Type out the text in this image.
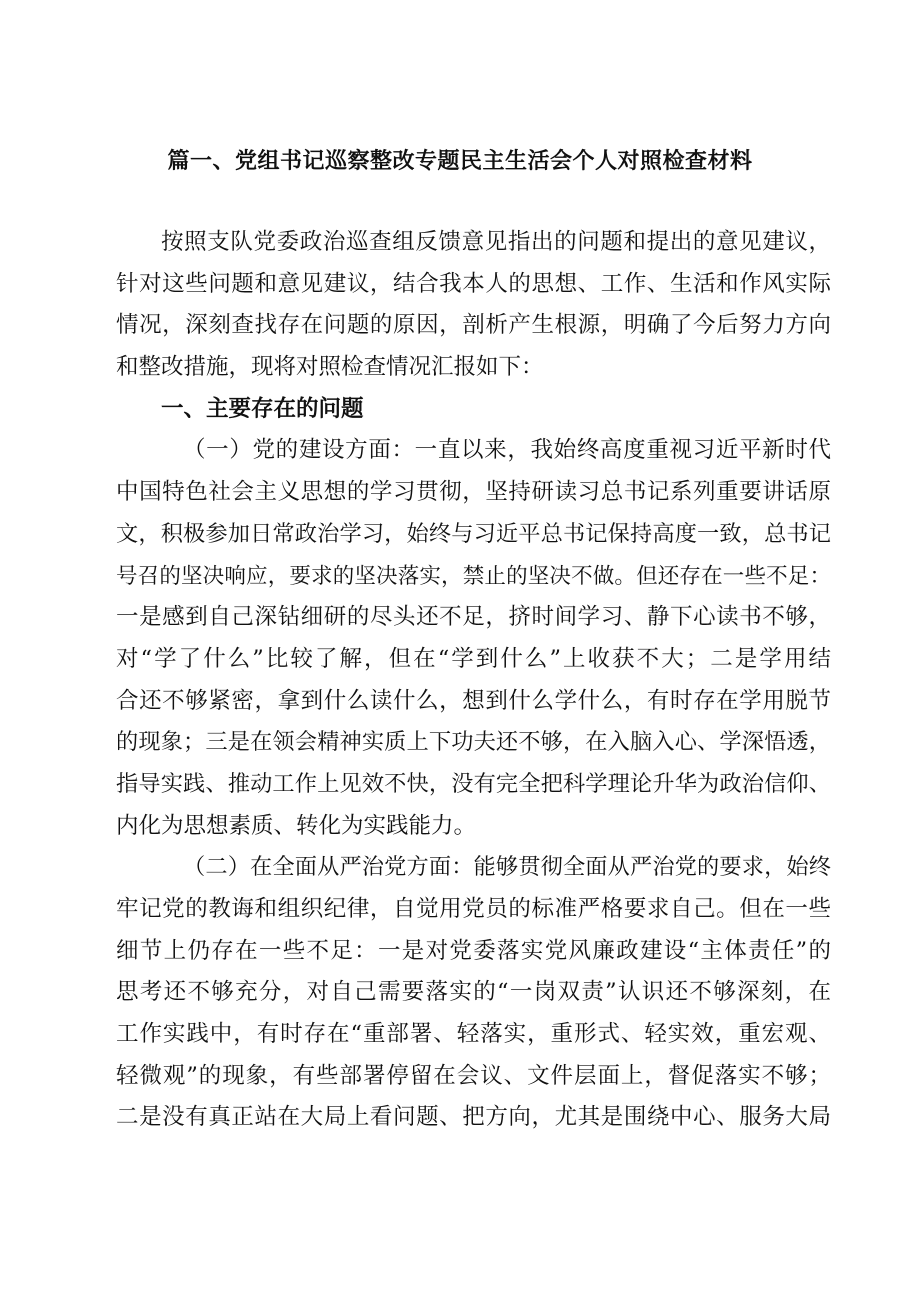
篇一、党组书记巡察整改专题民主生活会个人对照检查材料
按照支队党委政治巡查组反馈意见指出的问题和提出的意见建议，
针对这些问题和意见建议，结合我本人的思想、工作、生活和作风实际
情况，深刻查找存在问题的原因，剖析产生根源，明确了今后努力方向
和整改措施，现将对照检查情况汇报如下：
一、主要存在的问题
（一）党的建设方面：一直以来，我始终高度重视习近平新时代
中国特色社会主义思想的学习贯彻，坚持研读习总书记系列重要讲话原
文，积极参加日常政治学习，始终与习近平总书记保持高度一致，总书记
号召的坚决响应，要求的坚决落实，禁止的坚决不做。但还存在一些不足：
一是感到自己深钻细研的尽头还不足，挤时间学习、静下心读书不够，
对“学了什么”比较了解，但在“学到什么”上收获不大；二是学用结
合还不够紧密，拿到什么读什么，想到什么学什么，有时存在学用脱节
的现象；三是在领会精神实质上下功夫还不够，在入脑入心、学深悟透，
指导实践、推动工作上见效不快，没有完全把科学理论升华为政治信仰、
内化为思想素质、转化为实践能力。
（二）在全面从严治党方面：能够贯彻全面从严治党的要求，始终
牢记党的教诲和组织纪律，自觉用党员的标准严格要求自己。但在一些
细节上仍存在一些不足：一是对党委落实党风廉政建设“主体责任”的
思考还不够充分，对自己需要落实的“一岗双责”认识还不够深刻，在
工作实践中，有时存在“重部署、轻落实，重形式、轻实效，重宏观、
轻微观”的现象，有些部署停留在会议、文件层面上，督促落实不够；
二是没有真正站在大局上看问题、把方向，尤其是围绕中心、服务大局
